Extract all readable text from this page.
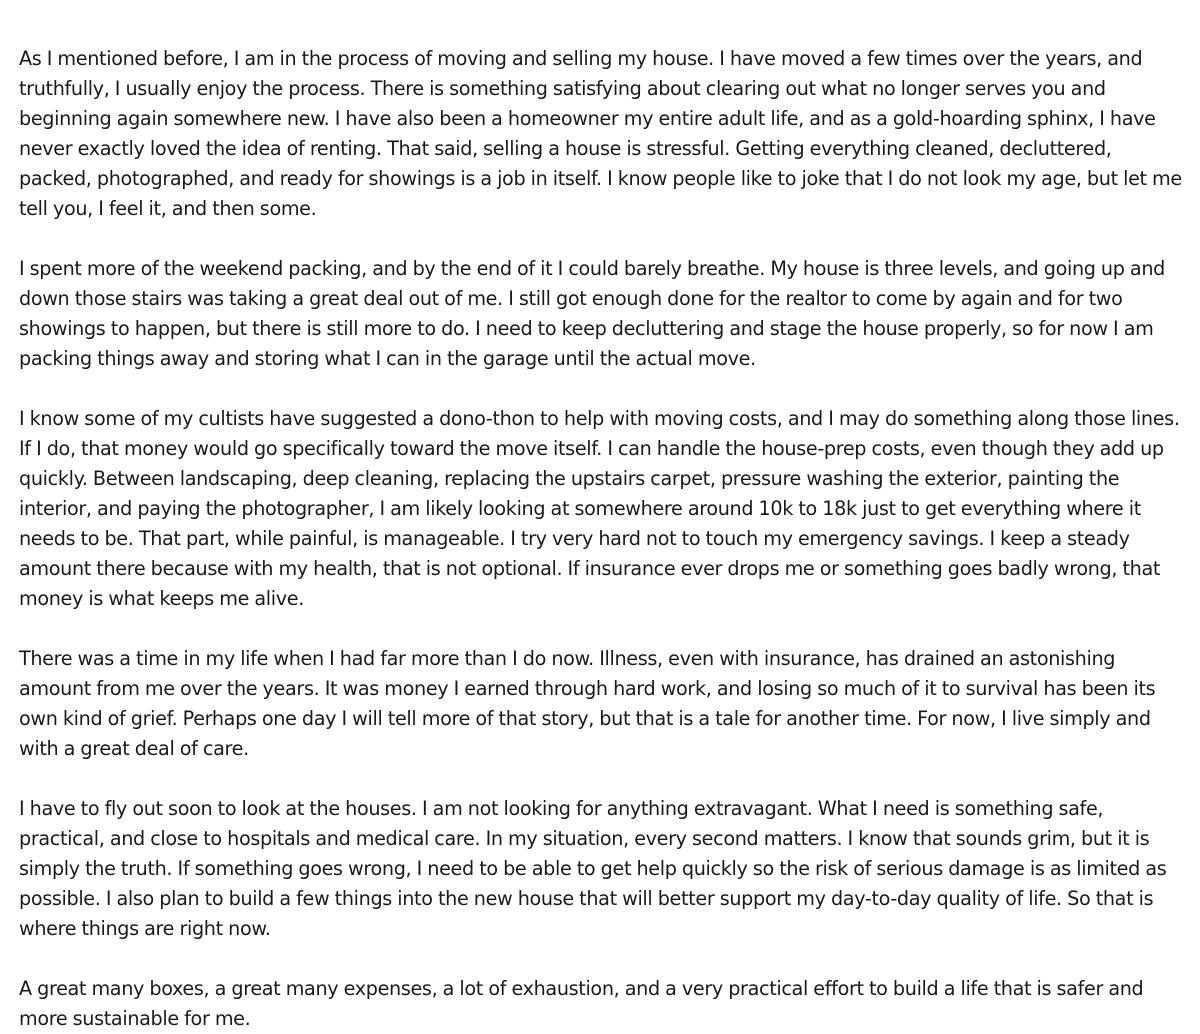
As I mentioned before, I am in the process of moving and selling my house. I have moved a few times over the years, and truthfully, I usually enjoy the process. There is something satisfying about clearing out what no longer serves you and beginning again somewhere new. I have also been a homeowner my entire adult life, and as a gold-hoarding sphinx, I have never exactly loved the idea of renting. That said, selling a house is stressful. Getting everything cleaned, decluttered, packed, photographed, and ready for showings is a job in itself. I know people like to joke that I do not look my age, but let me tell you, I feel it, and then some.

I spent more of the weekend packing, and by the end of it I could barely breathe. My house is three levels, and going up and down those stairs was taking a great deal out of me. I still got enough done for the realtor to come by again and for two showings to happen, but there is still more to do. I need to keep decluttering and stage the house properly, so for now I am packing things away and storing what I can in the garage until the actual move.

I know some of my cultists have suggested a dono-thon to help with moving costs, and I may do something along those lines. If I do, that money would go specifically toward the move itself. I can handle the house-prep costs, even though they add up quickly. Between landscaping, deep cleaning, replacing the upstairs carpet, pressure washing the exterior, painting the interior, and paying the photographer, I am likely looking at somewhere around 10k to 18k just to get everything where it needs to be. That part, while painful, is manageable. I try very hard not to touch my emergency savings. I keep a steady amount there because with my health, that is not optional. If insurance ever drops me or something goes badly wrong, that money is what keeps me alive.

There was a time in my life when I had far more than I do now. Illness, even with insurance, has drained an astonishing amount from me over the years. It was money I earned through hard work, and losing so much of it to survival has been its own kind of grief. Perhaps one day I will tell more of that story, but that is a tale for another time. For now, I live simply and with a great deal of care.

I have to fly out soon to look at the houses. I am not looking for anything extravagant. What I need is something safe, practical, and close to hospitals and medical care. In my situation, every second matters. I know that sounds grim, but it is simply the truth. If something goes wrong, I need to be able to get help quickly so the risk of serious damage is as limited as possible. I also plan to build a few things into the new house that will better support my day-to-day quality of life. So that is where things are right now.

A great many boxes, a great many expenses, a lot of exhaustion, and a very practical effort to build a life that is safer and more sustainable for me.
